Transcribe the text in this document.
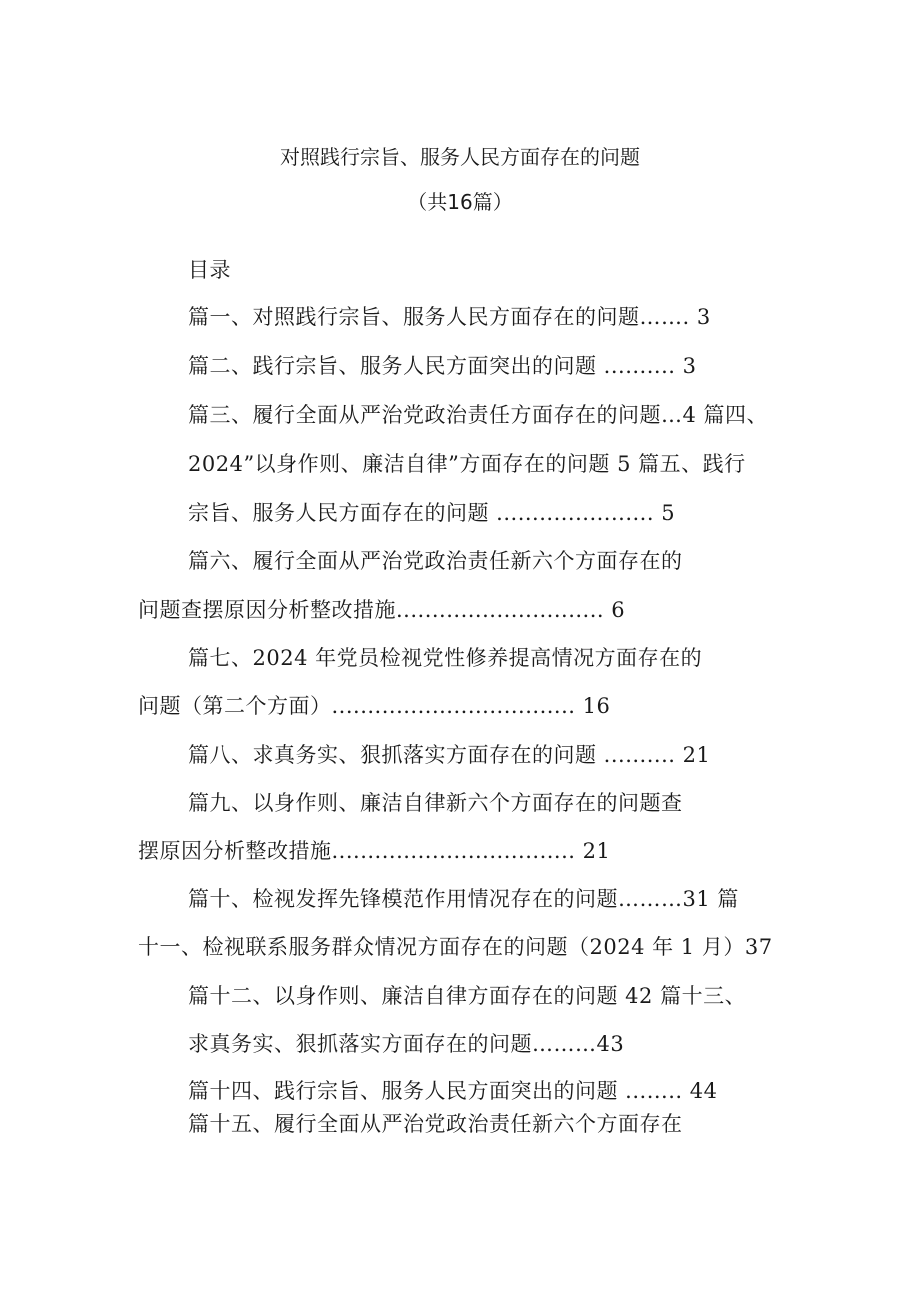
对照践行宗旨、服务人民方面存在的问题
（共16篇）
目录
篇一、对照践行宗旨、服务人民方面存在的问题……. 3
篇二、践行宗旨、服务人民方面突出的问题 .......... 3
篇三、履行全面从严治党政治责任方面存在的问题…4 篇四、
2024”以身作则、廉洁自律”方面存在的问题 5 篇五、践行
宗旨、服务人民方面存在的问题 ...................... 5
篇六、履行全面从严治党政治责任新六个方面存在的
问题查摆原因分析整改措施............................. 6
篇七、2024 年党员检视党性修养提高情况方面存在的
问题（第二个方面）.................................. 16
篇八、求真务实、狠抓落实方面存在的问题 .......... 21
篇九、以身作则、廉洁自律新六个方面存在的问题查
摆原因分析整改措施.................................. 21
篇十、检视发挥先锋模范作用情况存在的问题………31 篇
十一、检视联系服务群众情况方面存在的问题（2024 年 1 月）37
篇十二、以身作则、廉洁自律方面存在的问题 42 篇十三、
求真务实、狠抓落实方面存在的问题………43
篇十四、践行宗旨、服务人民方面突出的问题 ........ 44
篇十五、履行全面从严治党政治责任新六个方面存在
